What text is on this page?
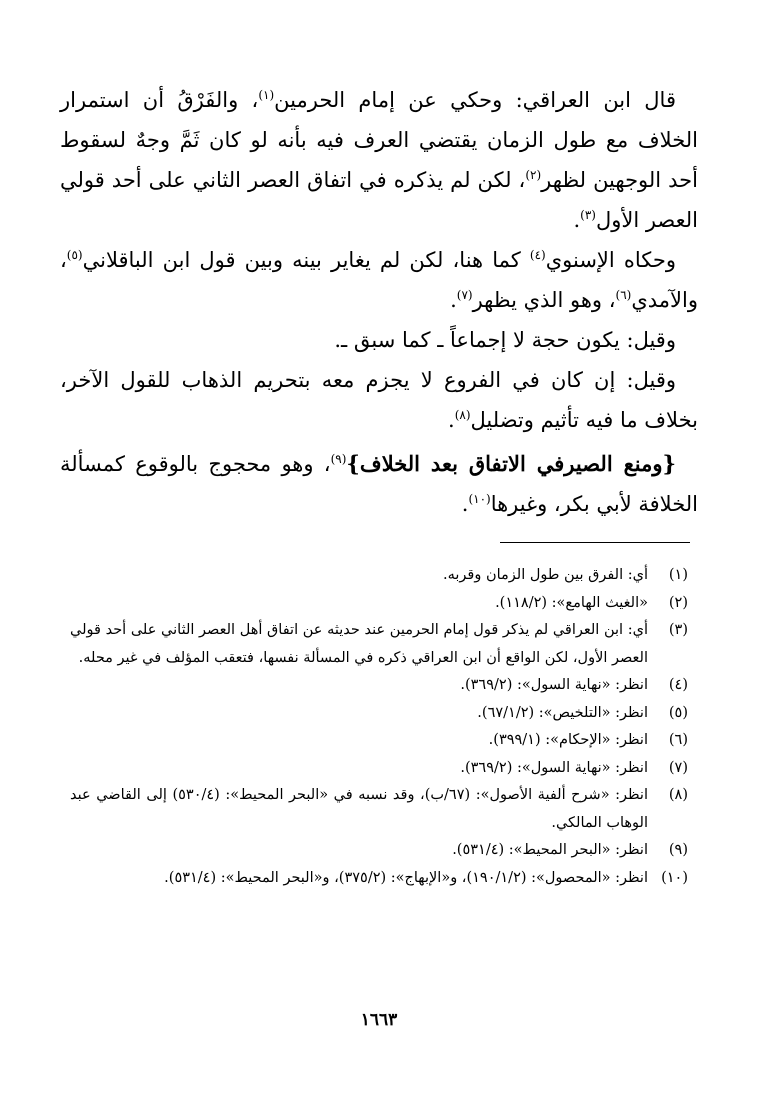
قال ابن العراقي: وحكي عن إمام الحرمين$^{(١)}$، والفَرْقُ أن استمرار الخلاف مع طول الزمان يقتضي العرف فيه بأنه لو كان ثَمَّ وجهٌ لسقوط أحد الوجهين لظهر$^{(٢)}$، لكن لم يذكره في اتفاق العصر الثاني على أحد قولي العصر الأول$^{(٣)}$.

وحكاه الإسنوي$^{(٤)}$ كما هنا، لكن لم يغاير بينه وبين قول ابن الباقلاني$^{(٥)}$، والآمدي$^{(٦)}$، وهو الذي يظهر$^{(٧)}$.

وقيل: يكون حجة لا إجماعاً ـ كما سبق ـ.

وقيل: إن كان في الفروع لا يجزم معه بتحريم الذهاب للقول الآخر، بخلاف ما فيه تأثيم وتضليل$^{(٨)}$.

{ومنع الصيرفي الاتفاق بعد الخلاف}$^{(٩)}$، وهو محجوج بالوقوع كمسألة الخلافة لأبي بكر، وغيرها$^{(١٠)}$.

(١)
أي: الفرق بين طول الزمان وقربه.
(٢)
«الغيث الهامع»: (١١٨/٢).
(٣)
أي: ابن العراقي لم يذكر قول إمام الحرمين عند حديثه عن اتفاق أهل العصر الثاني على أحد قولي العصر الأول، لكن الواقع أن ابن العراقي ذكره في المسألة نفسها، فتعقب المؤلف في غير محله.
(٤)
انظر: «نهاية السول»: (٣٦٩/٢).
(٥)
انظر: «التلخيص»: (٦٧/١/٢).
(٦)
انظر: «الإحكام»: (٣٩٩/١).
(٧)
انظر: «نهاية السول»: (٣٦٩/٢).
(٨)
انظر: «شرح ألفية الأصول»: (٦٧/ب)، وقد نسبه في «البحر المحيط»: (٥٣٠/٤) إلى القاضي عبد الوهاب المالكي.
(٩)
انظر: «البحر المحيط»: (٥٣١/٤).
(١٠)
انظر: «المحصول»: (١٩٠/١/٢)، و«الإبهاج»: (٣٧٥/٢)، و«البحر المحيط»: (٥٣١/٤).
١٦٦٣
